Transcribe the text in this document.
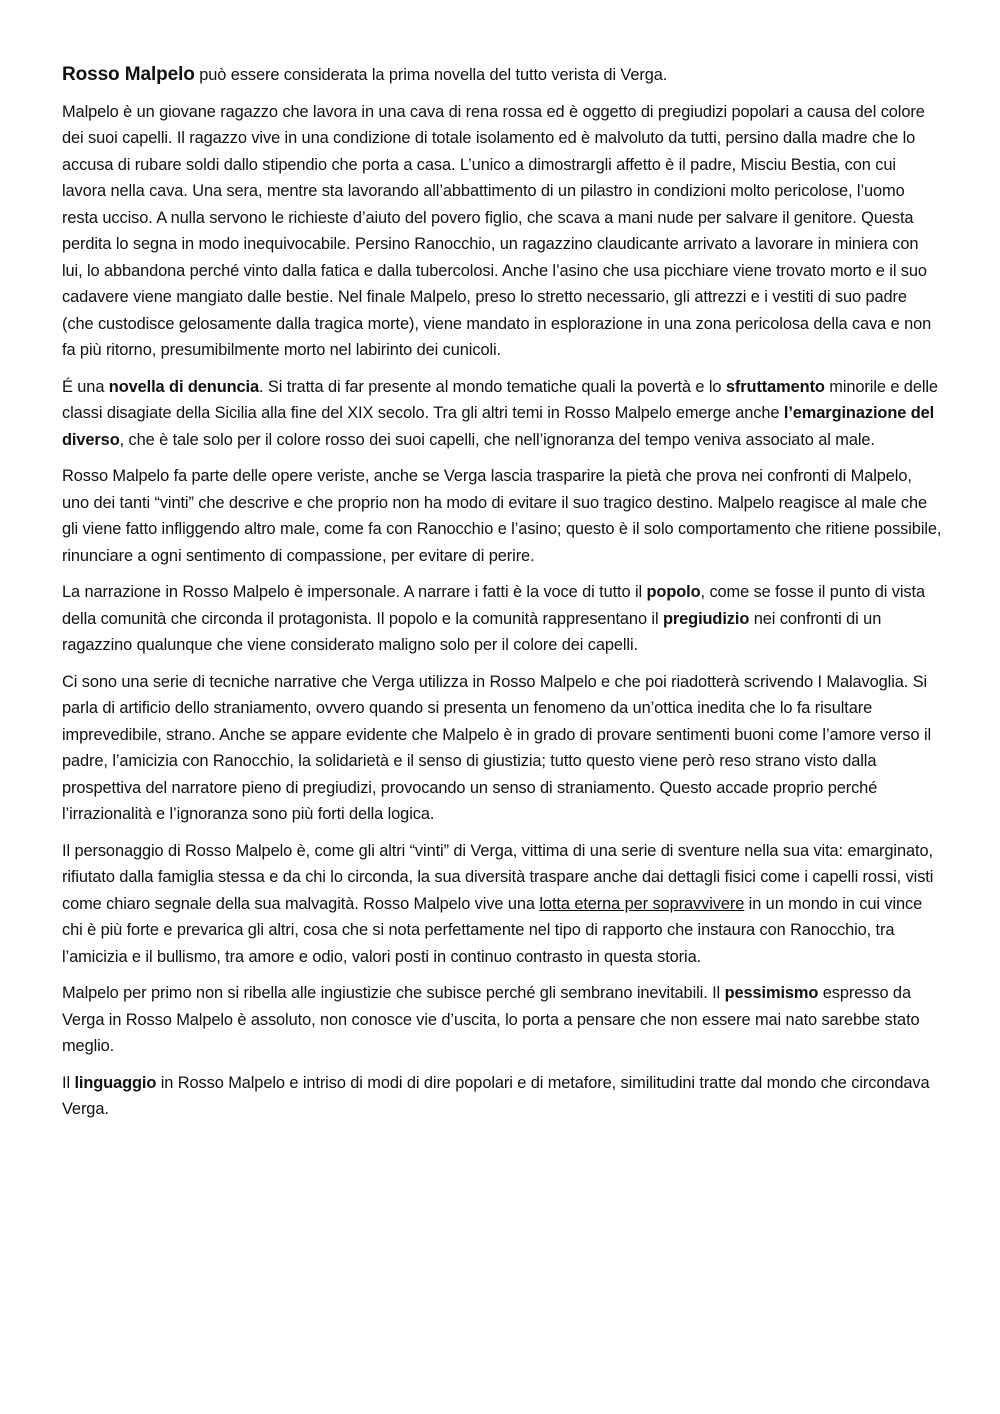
Rosso Malpelo può essere considerata la prima novella del tutto verista di Verga.

Malpelo è un giovane ragazzo che lavora in una cava di rena rossa ed è oggetto di pregiudizi popolari a causa del colore dei suoi capelli. Il ragazzo vive in una condizione di totale isolamento ed è malvoluto da tutti, persino dalla madre che lo accusa di rubare soldi dallo stipendio che porta a casa. L’unico a dimostrargli affetto è il padre, Misciu Bestia, con cui lavora nella cava. Una sera, mentre sta lavorando all’abbattimento di un pilastro in condizioni molto pericolose, l’uomo resta ucciso. A nulla servono le richieste d’aiuto del povero figlio, che scava a mani nude per salvare il genitore. Questa perdita lo segna in modo inequivocabile. Persino Ranocchio, un ragazzino claudicante arrivato a lavorare in miniera con lui, lo abbandona perché vinto dalla fatica e dalla tubercolosi. Anche l’asino che usa picchiare viene trovato morto e il suo cadavere viene mangiato dalle bestie. Nel finale Malpelo, preso lo stretto necessario, gli attrezzi e i vestiti di suo padre (che custodisce gelosamente dalla tragica morte), viene mandato in esplorazione in una zona pericolosa della cava e non fa più ritorno, presumibilmente morto nel labirinto dei cunicoli.

É una novella di denuncia. Si tratta di far presente al mondo tematiche quali la povertà e lo sfruttamento minorile e delle classi disagiate della Sicilia alla fine del XIX secolo. Tra gli altri temi in Rosso Malpelo emerge anche l’emarginazione del diverso, che è tale solo per il colore rosso dei suoi capelli, che nell’ignoranza del tempo veniva associato al male.

Rosso Malpelo fa parte delle opere veriste, anche se Verga lascia trasparire la pietà che prova nei confronti di Malpelo, uno dei tanti “vinti” che descrive e che proprio non ha modo di evitare il suo tragico destino. Malpelo reagisce al male che gli viene fatto infliggendo altro male, come fa con Ranocchio e l’asino; questo è il solo comportamento che ritiene possibile, rinunciare a ogni sentimento di compassione, per evitare di perire.

La narrazione in Rosso Malpelo è impersonale. A narrare i fatti è la voce di tutto il popolo, come se fosse il punto di vista della comunità che circonda il protagonista. Il popolo e la comunità rappresentano il pregiudizio nei confronti di un ragazzino qualunque che viene considerato maligno solo per il colore dei capelli.

Ci sono una serie di tecniche narrative che Verga utilizza in Rosso Malpelo e che poi riadotterà scrivendo I Malavoglia. Si parla di artificio dello straniamento, ovvero quando si presenta un fenomeno da un’ottica inedita che lo fa risultare imprevedibile, strano. Anche se appare evidente che Malpelo è in grado di provare sentimenti buoni come l’amore verso il padre, l’amicizia con Ranocchio, la solidarietà e il senso di giustizia; tutto questo viene però reso strano visto dalla prospettiva del narratore pieno di pregiudizi, provocando un senso di straniamento. Questo accade proprio perché l’irrazionalità e l’ignoranza sono più forti della logica.

Il personaggio di Rosso Malpelo è, come gli altri “vinti” di Verga, vittima di una serie di sventure nella sua vita: emarginato, rifiutato dalla famiglia stessa e da chi lo circonda, la sua diversità traspare anche dai dettagli fisici come i capelli rossi, visti come chiaro segnale della sua malvagità. Rosso Malpelo vive una lotta eterna per sopravvivere in un mondo in cui vince chi è più forte e prevarica gli altri, cosa che si nota perfettamente nel tipo di rapporto che instaura con Ranocchio, tra l’amicizia e il bullismo, tra amore e odio, valori posti in continuo contrasto in questa storia.

Malpelo per primo non si ribella alle ingiustizie che subisce perché gli sembrano inevitabili. Il pessimismo espresso da Verga in Rosso Malpelo è assoluto, non conosce vie d’uscita, lo porta a pensare che non essere mai nato sarebbe stato meglio.

Il linguaggio in Rosso Malpelo e intriso di modi di dire popolari e di metafore, similitudini tratte dal mondo che circondava Verga.
